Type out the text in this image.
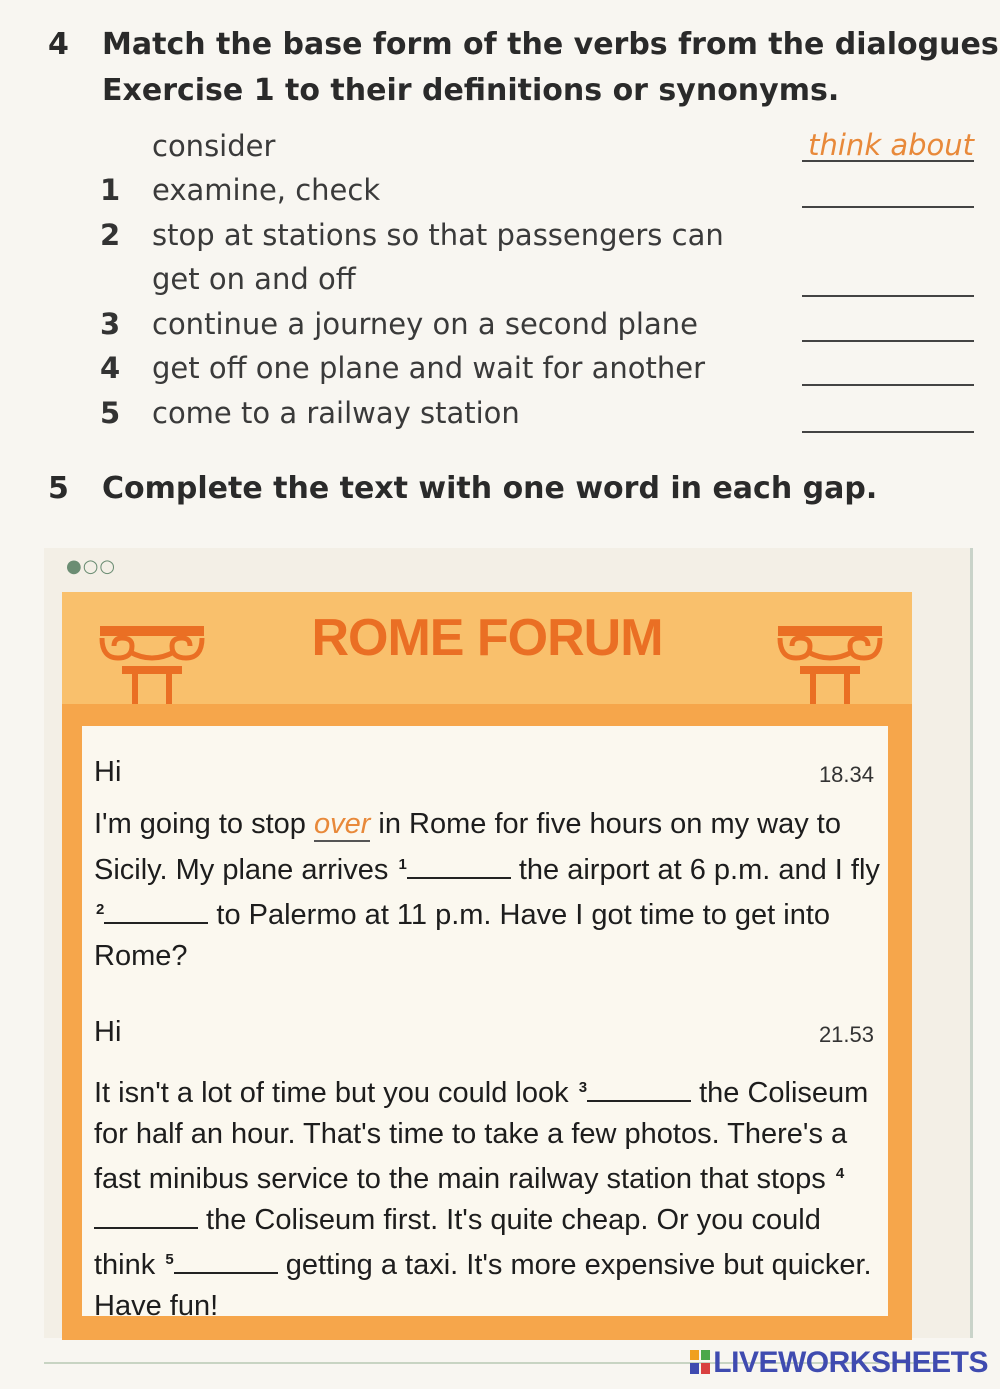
4 Match the base form of the verbs from the dialogues
Exercise 1 to their definitions or synonyms.
consider	think about
1	examine, check
2	stop at stations so that passengers can
get on and off
3	continue a journey on a second plane
4	get off one plane and wait for another
5	come to a railway station
5 Complete the text with one word in each gap.
●○○
ROME FORUM
Hi	18.34
I'm going to stop over in Rome for five hours on my way to Sicily. My plane arrives $^1$	the airport at 6 p.m. and I fly $^2$	to Palermo at 11 p.m. Have I got time to get into Rome?
Hi	21.53
It isn't a lot of time but you could look $^3$	the Coliseum for half an hour. That's time to take a few photos. There's a fast minibus service to the main railway station that stops $^4$ the Coliseum first. It's quite cheap. Or you could think $^5$	getting a taxi. It's more expensive but quicker. Have fun!
LIVEWORKSHEETS
